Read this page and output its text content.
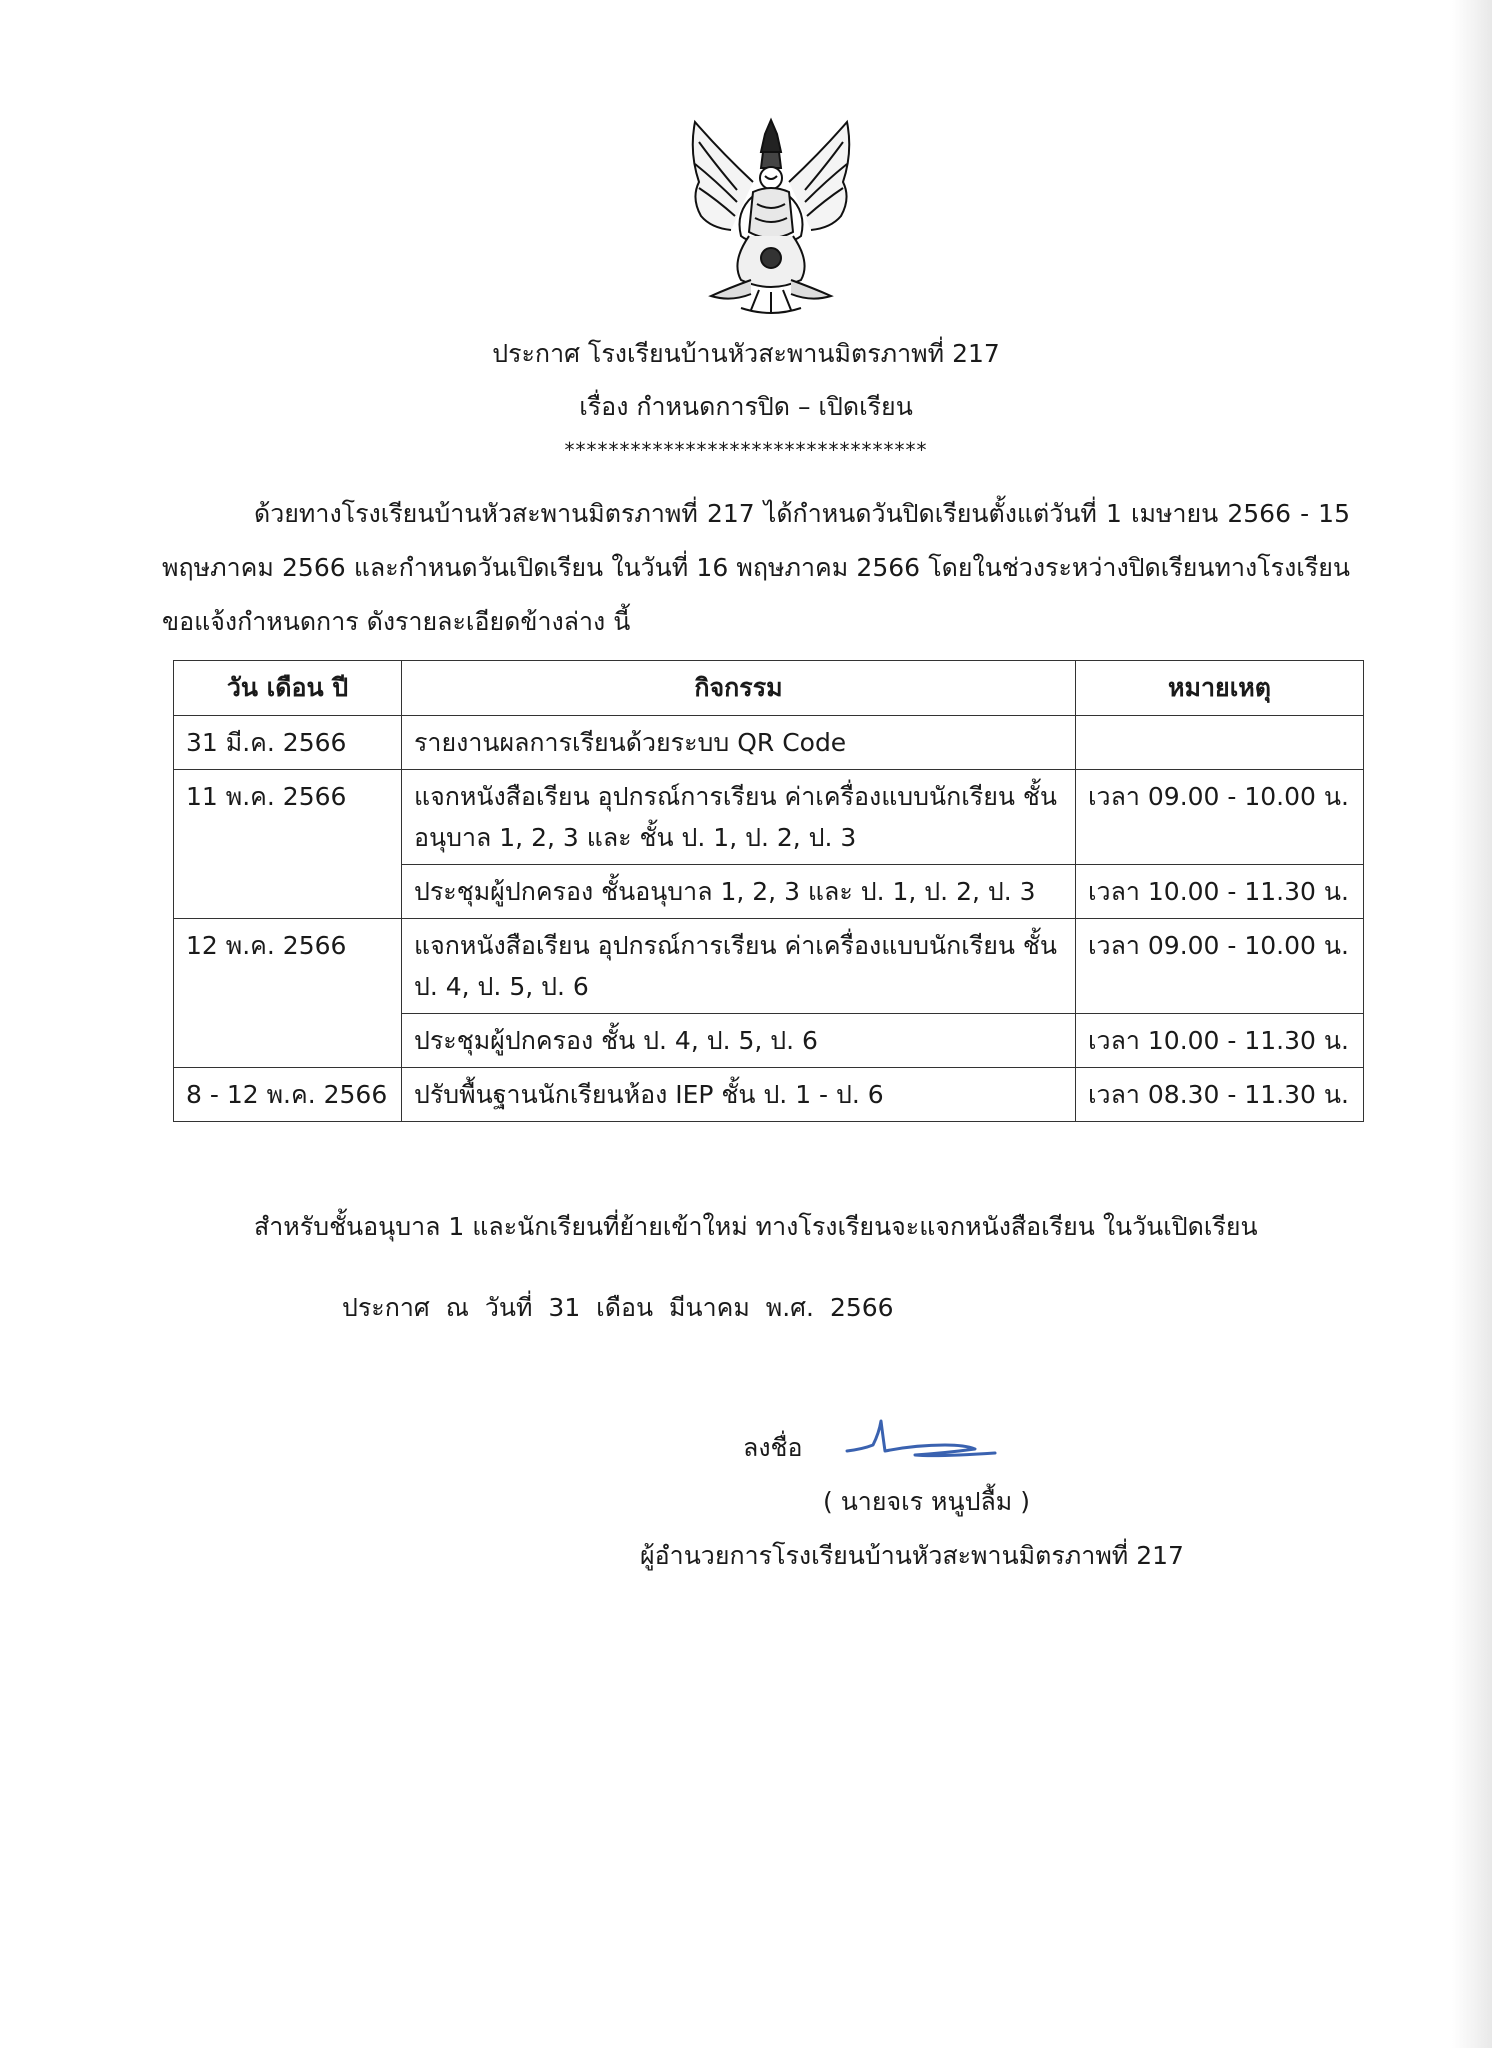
ประกาศ โรงเรียนบ้านหัวสะพานมิตรภาพที่ 217
เรื่อง กำหนดการปิด – เปิดเรียน
*********************************
ด้วยทางโรงเรียนบ้านหัวสะพานมิตรภาพที่ 217 ได้กำหนดวันปิดเรียนตั้งแต่วันที่ 1 เมษายน 2566 - 15 พฤษภาคม 2566 และกำหนดวันเปิดเรียน ในวันที่ 16 พฤษภาคม 2566 โดยในช่วงระหว่างปิดเรียนทางโรงเรียนขอแจ้งกำหนดการ ดังรายละเอียดข้างล่าง นี้
วัน เดือน ปี	กิจกรรม	หมายเหตุ
31 มี.ค. 2566	รายงานผลการเรียนด้วยระบบ QR Code	
11 พ.ค. 2566	แจกหนังสือเรียน อุปกรณ์การเรียน ค่าเครื่องแบบนักเรียน ชั้น อนุบาล 1, 2, 3 และ ชั้น ป. 1, ป. 2, ป. 3	เวลา 09.00 - 10.00 น.
	ประชุมผู้ปกครอง ชั้นอนุบาล 1, 2, 3 และ ป. 1, ป. 2, ป. 3	เวลา 10.00 - 11.30 น.
12 พ.ค. 2566	แจกหนังสือเรียน อุปกรณ์การเรียน ค่าเครื่องแบบนักเรียน ชั้น ป. 4, ป. 5, ป. 6	เวลา 09.00 - 10.00 น.
	ประชุมผู้ปกครอง ชั้น ป. 4, ป. 5, ป. 6	เวลา 10.00 - 11.30 น.
8 - 12 พ.ค. 2566	ปรับพื้นฐานนักเรียนห้อง IEP ชั้น ป. 1 - ป. 6	เวลา 08.30 - 11.30 น.
สำหรับชั้นอนุบาล 1 และนักเรียนที่ย้ายเข้าใหม่ ทางโรงเรียนจะแจกหนังสือเรียน ในวันเปิดเรียน
ประกาศ ณ วันที่ 31 เดือน มีนาคม พ.ศ. 2566
ลงชื่อ
( นายจเร หนูปลื้ม )
ผู้อำนวยการโรงเรียนบ้านหัวสะพานมิตรภาพที่ 217
